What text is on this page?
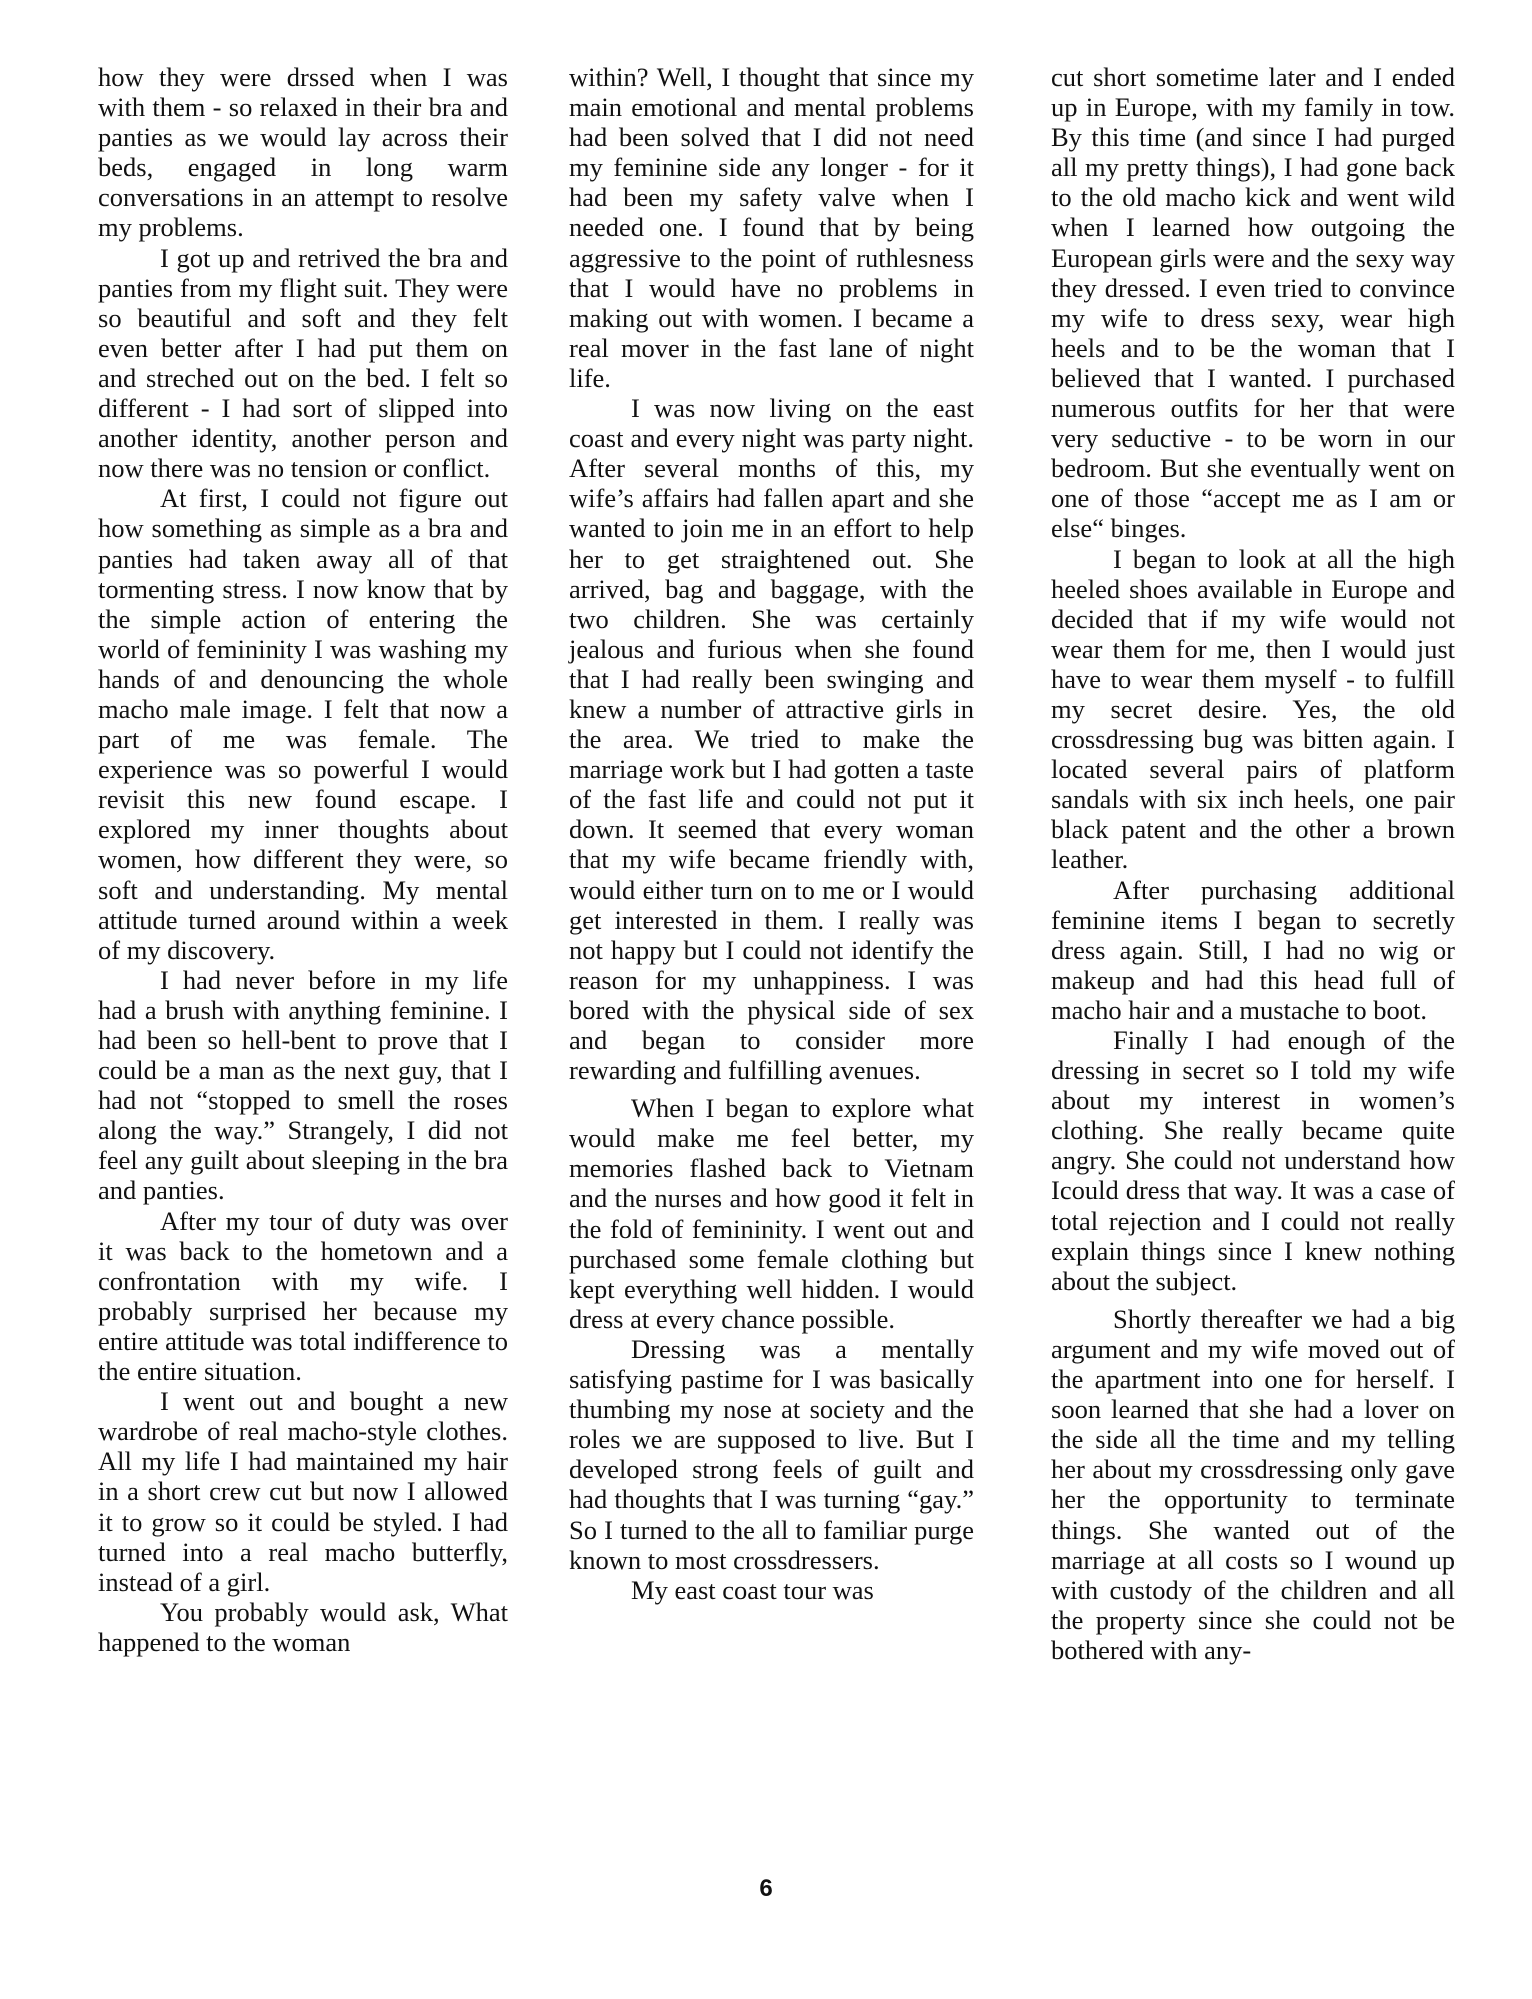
how they were drssed when I was with them - so relaxed in their bra and panties as we would lay across their beds, engaged in long warm conversations in an attempt to resolve my problems.

I got up and retrived the bra and panties from my flight suit. They were so beautiful and soft and they felt even better after I had put them on and streched out on the bed. I felt so different - I had sort of slipped into another identity, another person and now there was no tension or conflict.

At first, I could not figure out how something as simple as a bra and panties had taken away all of that tormenting stress. I now know that by the simple action of entering the world of femininity I was washing my hands of and denouncing the whole macho male image. I felt that now a part of me was female. The experience was so powerful I would revisit this new found escape. I explored my inner thoughts about women, how different they were, so soft and understanding. My mental attitude turned around within a week of my discovery.

I had never before in my life had a brush with anything feminine. I had been so hell-bent to prove that I could be a man as the next guy, that I had not “stopped to smell the roses along the way.” Strangely, I did not feel any guilt about sleeping in the bra and panties.

After my tour of duty was over it was back to the hometown and a confrontation with my wife. I probably surprised her because my entire attitude was total indifference to the entire situation.

I went out and bought a new wardrobe of real macho-style clothes. All my life I had maintained my hair in a short crew cut but now I allowed it to grow so it could be styled. I had turned into a real macho butterfly, instead of a girl.

You probably would ask, What happened to the woman

within? Well, I thought that since my main emotional and mental problems had been solved that I did not need my feminine side any longer - for it had been my safety valve when I needed one. I found that by being aggressive to the point of ruthlesness that I would have no problems in making out with women. I became a real mover in the fast lane of night life.

I was now living on the east coast and every night was party night. After several months of this, my wife’s affairs had fallen apart and she wanted to join me in an effort to help her to get straightened out. She arrived, bag and baggage, with the two children. She was certainly jealous and furious when she found that I had really been swinging and knew a number of attractive girls in the area. We tried to make the marriage work but I had gotten a taste of the fast life and could not put it down. It seemed that every woman that my wife became friendly with, would either turn on to me or I would get interested in them. I really was not happy but I could not identify the reason for my unhappiness. I was bored with the physical side of sex and began to consider more rewarding and fulfilling avenues.

When I began to explore what would make me feel better, my memories flashed back to Vietnam and the nurses and how good it felt in the fold of femininity. I went out and purchased some female clothing but kept everything well hidden. I would dress at every chance possible.

Dressing was a mentally satisfying pastime for I was basically thumbing my nose at society and the roles we are supposed to live. But I developed strong feels of guilt and had thoughts that I was turning “gay.” So I turned to the all to familiar purge known to most crossdressers.

My east coast tour was

cut short sometime later and I ended up in Europe, with my family in tow. By this time (and since I had purged all my pretty things), I had gone back to the old macho kick and went wild when I learned how outgoing the European girls were and the sexy way they dressed. I even tried to convince my wife to dress sexy, wear high heels and to be the woman that I believed that I wanted. I purchased numerous outfits for her that were very seductive - to be worn in our bedroom. But she eventually went on one of those “accept me as I am or else“ binges.

I began to look at all the high heeled shoes available in Europe and decided that if my wife would not wear them for me, then I would just have to wear them myself - to fulfill my secret desire. Yes, the old crossdressing bug was bitten again. I located several pairs of platform sandals with six inch heels, one pair black patent and the other a brown leather.

After purchasing additional feminine items I began to secretly dress again. Still, I had no wig or makeup and had this head full of macho hair and a mustache to boot.

Finally I had enough of the dressing in secret so I told my wife about my interest in women’s clothing. She really became quite angry. She could not understand how Icould dress that way. It was a case of total rejection and I could not really explain things since I knew nothing about the subject.

Shortly thereafter we had a big argument and my wife moved out of the apartment into one for herself. I soon learned that she had a lover on the side all the time and my telling her about my crossdressing only gave her the opportunity to terminate things. She wanted out of the marriage at all costs so I wound up with custody of the children and all the property since she could not be bothered with any-

6
